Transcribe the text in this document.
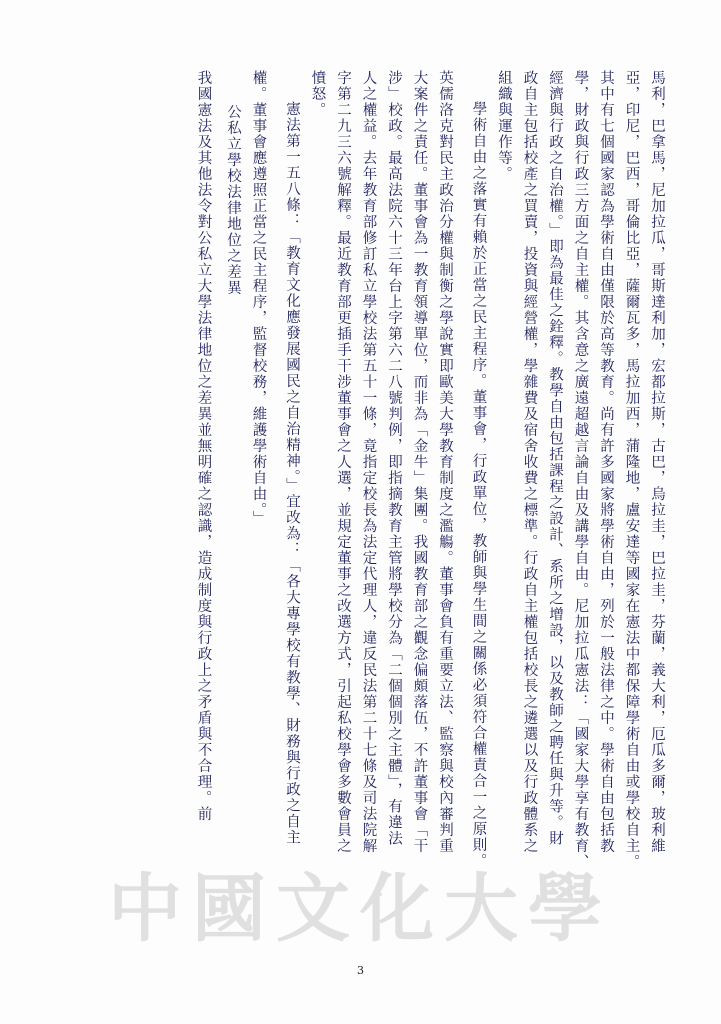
中國文化大學
馬利，巴拿馬，尼加拉瓜，哥斯達利加，宏都拉斯，古巴，烏拉圭，巴拉圭，芬蘭，義大利，厄瓜多爾，玻利維
亞，印尼，巴西，哥倫比亞，薩爾瓦多，馬拉加西，蒲隆地，盧安達等國家在憲法中都保障學術自由或學校自主。
其中有七個國家認為學術自由僅限於高等教育。尚有許多國家將學術自由，列於一般法律之中。學術自由包括教
學，財政與行政三方面之自主權。其含意之廣遠超越言論自由及講學自由。尼加拉瓜憲法：「國家大學享有教育、
經濟與行政之自治權。」即為最佳之銓釋。教學自由包括課程之設計、系所之增設，以及教師之聘任與升等。財
政自主包括校產之買賣，投資與經營權，學雜費及宿舍收費之標準。行政自主權包括校長之遴選以及行政體系之
組織與運作等。
學術自由之落實有賴於正當之民主程序。董事會，行政單位，教師與學生間之關係必須符合權責合一之原則。
英儒洛克對民主政治分權與制衡之學說實即歐美大學教育制度之濫觴。董事會負有重要立法、監察與校內審判重
大案件之責任。董事會為一教育領導單位，而非為「金牛」集團。我國教育部之觀念偏頗落伍，不許董事會「干
涉」校政。最高法院六十三年台上字第六二八號判例，即指摘教育主管將學校分為「二個個別之主體」，有違法
人之權益。去年教育部修訂私立學校法第五十一條，竟指定校長為法定代理人，違反民法第二十七條及司法院解
字第二九三六號解釋。最近教育部更插手干涉董事會之人選，並規定董事之改選方式，引起私校學會多數會員之
憤怒。
憲法第一五八條：「教育文化應發展國民之自治精神。」宜改為：「各大專學校有教學、財務與行政之自主
權。董事會應遵照正當之民主程序，監督校務，維護學術自由。」
公私立學校法律地位之差異
我國憲法及其他法令對公私立大學法律地位之差異並無明確之認識，造成制度與行政上之矛盾與不合理。前
3
